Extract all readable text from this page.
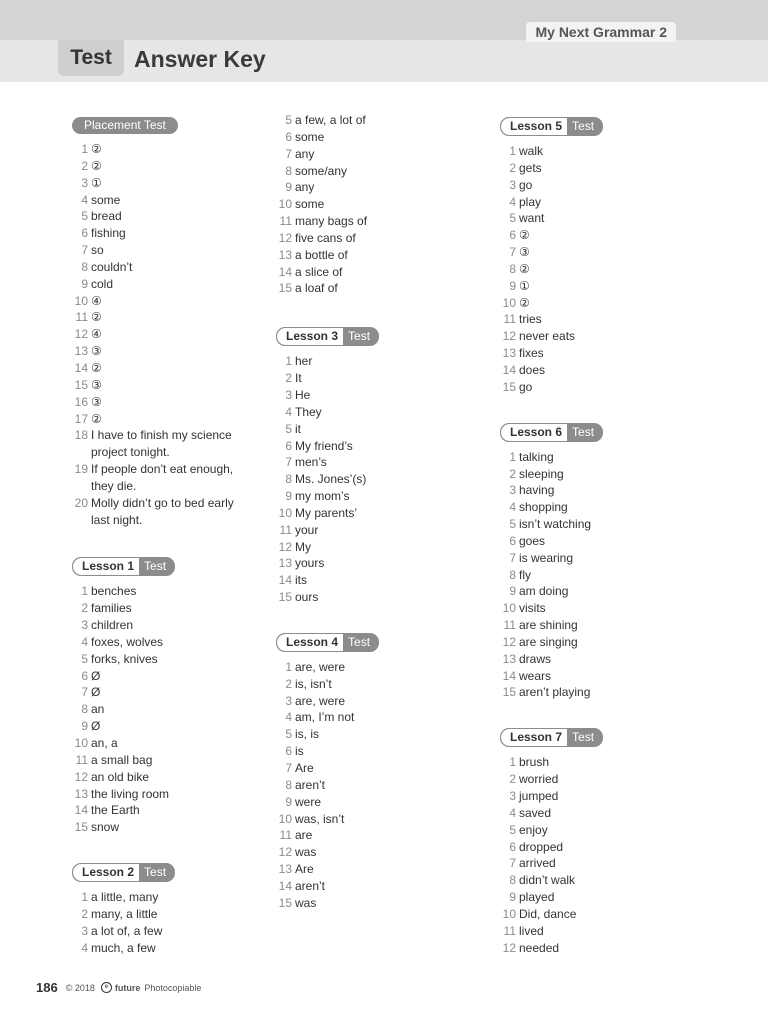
My Next Grammar 2
Test Answer Key
Placement Test
1 ②
2 ②
3 ①
4 some
5 bread
6 fishing
7 so
8 couldn’t
9 cold
10 ④
11 ②
12 ④
13 ③
14 ②
15 ③
16 ③
17 ②
18 I have to finish my science project tonight.
19 If people don’t eat enough, they die.
20 Molly didn’t go to bed early last night.
Lesson 1 Test
1 benches
2 families
3 children
4 foxes, wolves
5 forks, knives
6 Ø
7 Ø
8 an
9 Ø
10 an, a
11 a small bag
12 an old bike
13 the living room
14 the Earth
15 snow
Lesson 2 Test
1 a little, many
2 many, a little
3 a lot of, a few
4 much, a few
5 a few, a lot of
6 some
7 any
8 some/any
9 any
10 some
11 many bags of
12 five cans of
13 a bottle of
14 a slice of
15 a loaf of
Lesson 3 Test
1 her
2 It
3 He
4 They
5 it
6 My friend’s
7 men’s
8 Ms. Jones’(s)
9 my mom’s
10 My parents’
11 your
12 My
13 yours
14 its
15 ours
Lesson 4 Test
1 are, were
2 is, isn’t
3 are, were
4 am, I’m not
5 is, is
6 is
7 Are
8 aren’t
9 were
10 was, isn’t
11 are
12 was
13 Are
14 aren’t
15 was
Lesson 5 Test
1 walk
2 gets
3 go
4 play
5 want
6 ②
7 ③
8 ②
9 ①
10 ②
11 tries
12 never eats
13 fixes
14 does
15 go
Lesson 6 Test
1 talking
2 sleeping
3 having
4 shopping
5 isn’t watching
6 goes
7 is wearing
8 fly
9 am doing
10 visits
11 are shining
12 are singing
13 draws
14 wears
15 aren’t playing
Lesson 7 Test
1 brush
2 worried
3 jumped
4 saved
5 enjoy
6 dropped
7 arrived
8 didn’t walk
9 played
10 Did, dance
11 lived
12 needed
186 © 2018	e future Photocopiable
